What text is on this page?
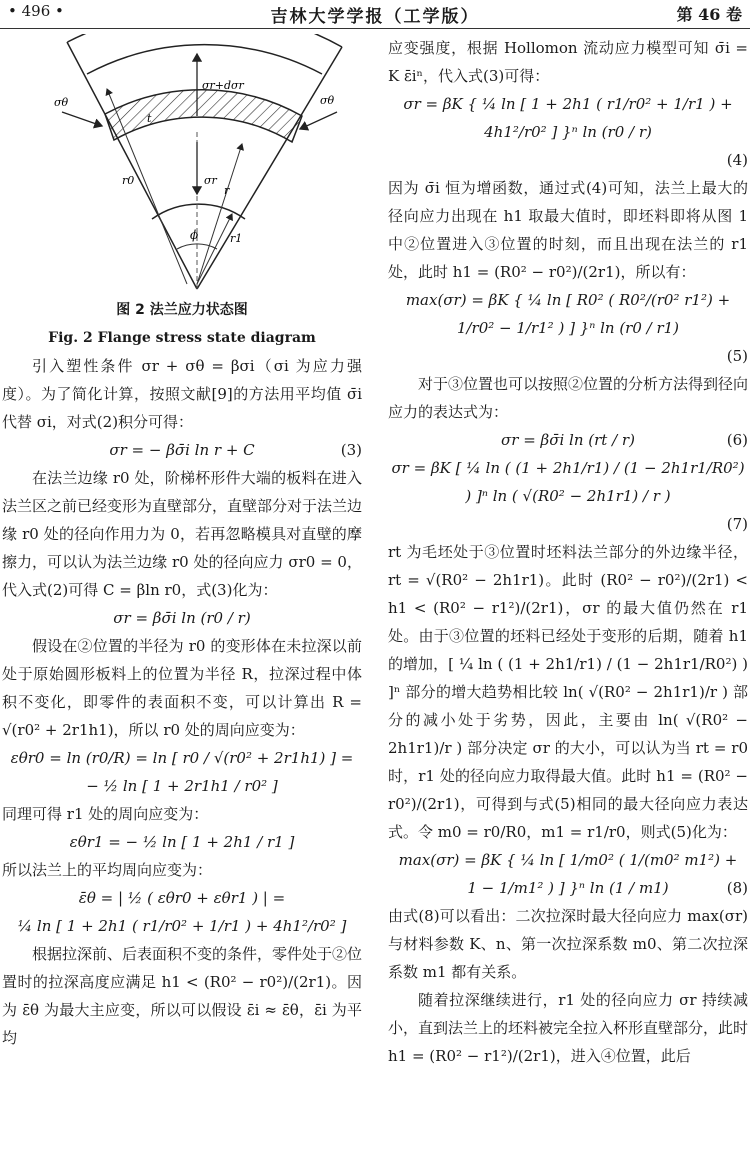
• 496 •	吉林大学学报（工学版）	第 46 卷
σr+dσr
σr
t
σθ	σθ
r0
r
r1
ϕ

图 2 法兰应力状态图

Fig. 2 Flange stress state diagram

引入塑性条件 σr + σθ = βσi（σi 为应力强度）。为了简化计算，按照文献[9]的方法用平均值 σ̄i 代替 σi，对式(2)积分可得：

σr = − βσ̄i ln r + C	(3)

在法兰边缘 r0 处，阶梯杯形件大端的板料在进入法兰区之前已经变形为直壁部分，直壁部分对于法兰边缘 r0 处的径向作用力为 0，若再忽略模具对直壁的摩擦力，可以认为法兰边缘 r0 处的径向应力 σr0 = 0，代入式(2)可得 C = βln r0，式(3)化为：

σr = βσ̄i ln (r0 / r)

假设在②位置的半径为 r0 的变形体在未拉深以前处于原始圆形板料上的位置为半径 R，拉深过程中体积不变化，即零件的表面积不变，可以计算出 R = √(r0² + 2r1h1)，所以 r0 处的周向应变为：

εθr0 = ln (r0/R) = ln [ r0 / √(r0² + 2r1h1) ] =

− ½ ln [ 1 + 2r1h1 / r0² ]

同理可得 r1 处的周向应变为：

εθr1 = − ½ ln [ 1 + 2h1 / r1 ]

所以法兰上的平均周向应变为：

ε̄θ = | ½ ( εθr0 + εθr1 ) | =

¼ ln [ 1 + 2h1 ( r1/r0² + 1/r1 ) + 4h1²/r0² ]

根据拉深前、后表面积不变的条件，零件处于②位置时的拉深高度应满足 h1 < (R0² − r0²)/(2r1)。因为 ε̄θ 为最大主应变，所以可以假设 ε̄i ≈ ε̄θ，ε̄i 为平均

应变强度，根据 Hollomon 流动应力模型可知 σ̄i = K ε̄iⁿ，代入式(3)可得：

σr = βK { ¼ ln [ 1 + 2h1 ( r1/r0² + 1/r1 ) + 4h1²/r0² ] }ⁿ ln (r0 / r)

(4)

因为 σ̄i 恒为增函数，通过式(4)可知，法兰上最大的径向应力出现在 h1 取最大值时，即坯料即将从图 1 中②位置进入③位置的时刻，而且出现在法兰的 r1 处，此时 h1 = (R0² − r0²)/(2r1)，所以有：

max(σr) = βK { ¼ ln [ R0² ( R0²/(r0² r1²) + 1/r0² − 1/r1² ) ] }ⁿ ln (r0 / r1)

(5)

对于③位置也可以按照②位置的分析方法得到径向应力的表达式为：

σr = βσ̄i ln (rt / r)	(6)

σr = βK [ ¼ ln ( (1 + 2h1/r1) / (1 − 2h1r1/R0²) ) ]ⁿ ln ( √(R0² − 2h1r1) / r )

(7)

rt 为毛坯处于③位置时坯料法兰部分的外边缘半径，rt = √(R0² − 2h1r1)。此时 (R0² − r0²)/(2r1) < h1 < (R0² − r1²)/(2r1)，σr 的最大值仍然在 r1 处。由于③位置的坯料已经处于变形的后期，随着 h1 的增加，[ ¼ ln ( (1 + 2h1/r1) / (1 − 2h1r1/R0²) ) ]ⁿ 部分的增大趋势相比较 ln( √(R0² − 2h1r1)/r ) 部分的减小处于劣势，因此，主要由 ln( √(R0² − 2h1r1)/r ) 部分决定 σr 的大小，可以认为当 rt = r0 时，r1 处的径向应力取得最大值。此时 h1 = (R0² − r0²)/(2r1)，可得到与式(5)相同的最大径向应力表达式。令 m0 = r0/R0，m1 = r1/r0，则式(5)化为：

max(σr) = βK { ¼ ln [ 1/m0² ( 1/(m0² m1²) +

1 − 1/m1² ) ] }ⁿ ln (1 / m1)	(8)

由式(8)可以看出：二次拉深时最大径向应力 max(σr) 与材料参数 K、n、第一次拉深系数 m0、第二次拉深系数 m1 都有关系。

随着拉深继续进行，r1 处的径向应力 σr 持续减小，直到法兰上的坯料被完全拉入杯形直壁部分，此时 h1 = (R0² − r1²)/(2r1)，进入④位置，此后
